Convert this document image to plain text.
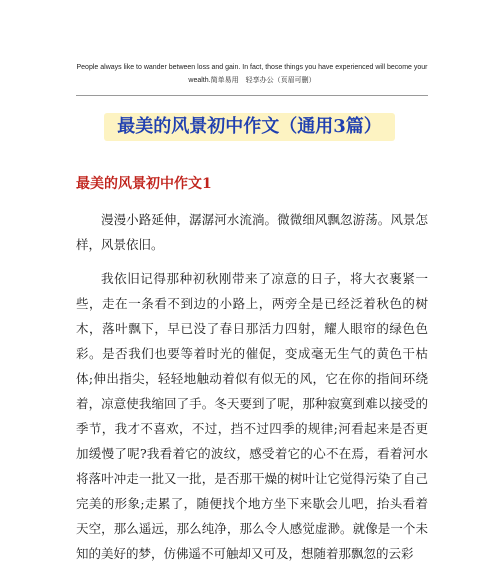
People always like to wander between loss and gain. In fact, those things you have experienced will become your wealth.简单易用　轻享办公（页眉可删）
最美的风景初中作文（通用3篇）
最美的风景初中作文1

漫漫小路延伸，潺潺河水流淌。微微细风飘忽游荡。风景怎样，风景依旧。

我依旧记得那种初秋刚带来了凉意的日子，将大衣裹紧一些，走在一条看不到边的小路上，两旁全是已经泛着秋色的树木，落叶飘下，早已没了春日那活力四射，耀人眼帘的绿色色彩。是否我们也要等着时光的催促，变成毫无生气的黄色干枯体;伸出指尖，轻轻地触动着似有似无的风，它在你的指间环绕着，凉意使我缩回了手。冬天要到了呢，那种寂寞到难以接受的季节，我才不喜欢，不过，挡不过四季的规律;河看起来是否更加缓慢了呢?我看着它的波纹，感受着它的心不在焉，看着河水将落叶冲走一批又一批，是否那干燥的树叶让它觉得污染了自己完美的形象;走累了，随便找个地方坐下来歇会儿吧，抬头看着天空，那么遥远，那么纯净，那么令人感觉虚渺。就像是一个未知的美好的梦，仿佛遥不可触却又可及，想随着那飘忽的云彩
